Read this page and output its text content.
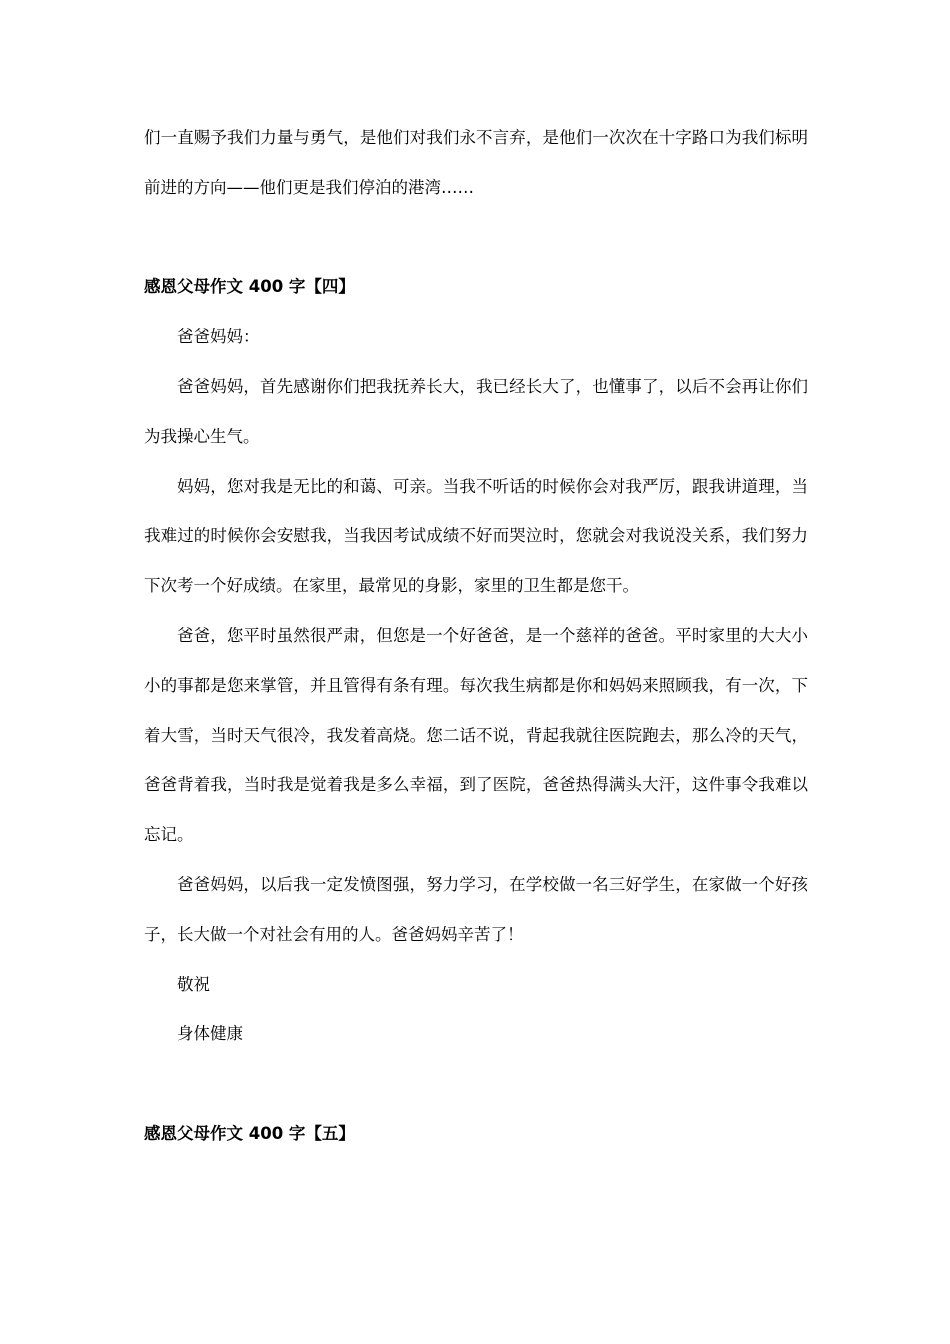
们一直赐予我们力量与勇气，是他们对我们永不言弃，是他们一次次在十字路口为我们标明
前进的方向——他们更是我们停泊的港湾……
感恩父母作文 400 字【四】
爸爸妈妈：
爸爸妈妈，首先感谢你们把我抚养长大，我已经长大了，也懂事了，以后不会再让你们
为我操心生气。
妈妈，您对我是无比的和蔼、可亲。当我不听话的时候你会对我严厉，跟我讲道理，当
我难过的时候你会安慰我，当我因考试成绩不好而哭泣时，您就会对我说没关系，我们努力
下次考一个好成绩。在家里，最常见的身影，家里的卫生都是您干。
爸爸，您平时虽然很严肃，但您是一个好爸爸，是一个慈祥的爸爸。平时家里的大大小
小的事都是您来掌管，并且管得有条有理。每次我生病都是你和妈妈来照顾我，有一次，下
着大雪，当时天气很冷，我发着高烧。您二话不说，背起我就往医院跑去，那么冷的天气，
爸爸背着我，当时我是觉着我是多么幸福，到了医院，爸爸热得满头大汗，这件事令我难以
忘记。
爸爸妈妈，以后我一定发愤图强，努力学习，在学校做一名三好学生，在家做一个好孩
子，长大做一个对社会有用的人。爸爸妈妈辛苦了！
敬祝
身体健康
感恩父母作文 400 字【五】
